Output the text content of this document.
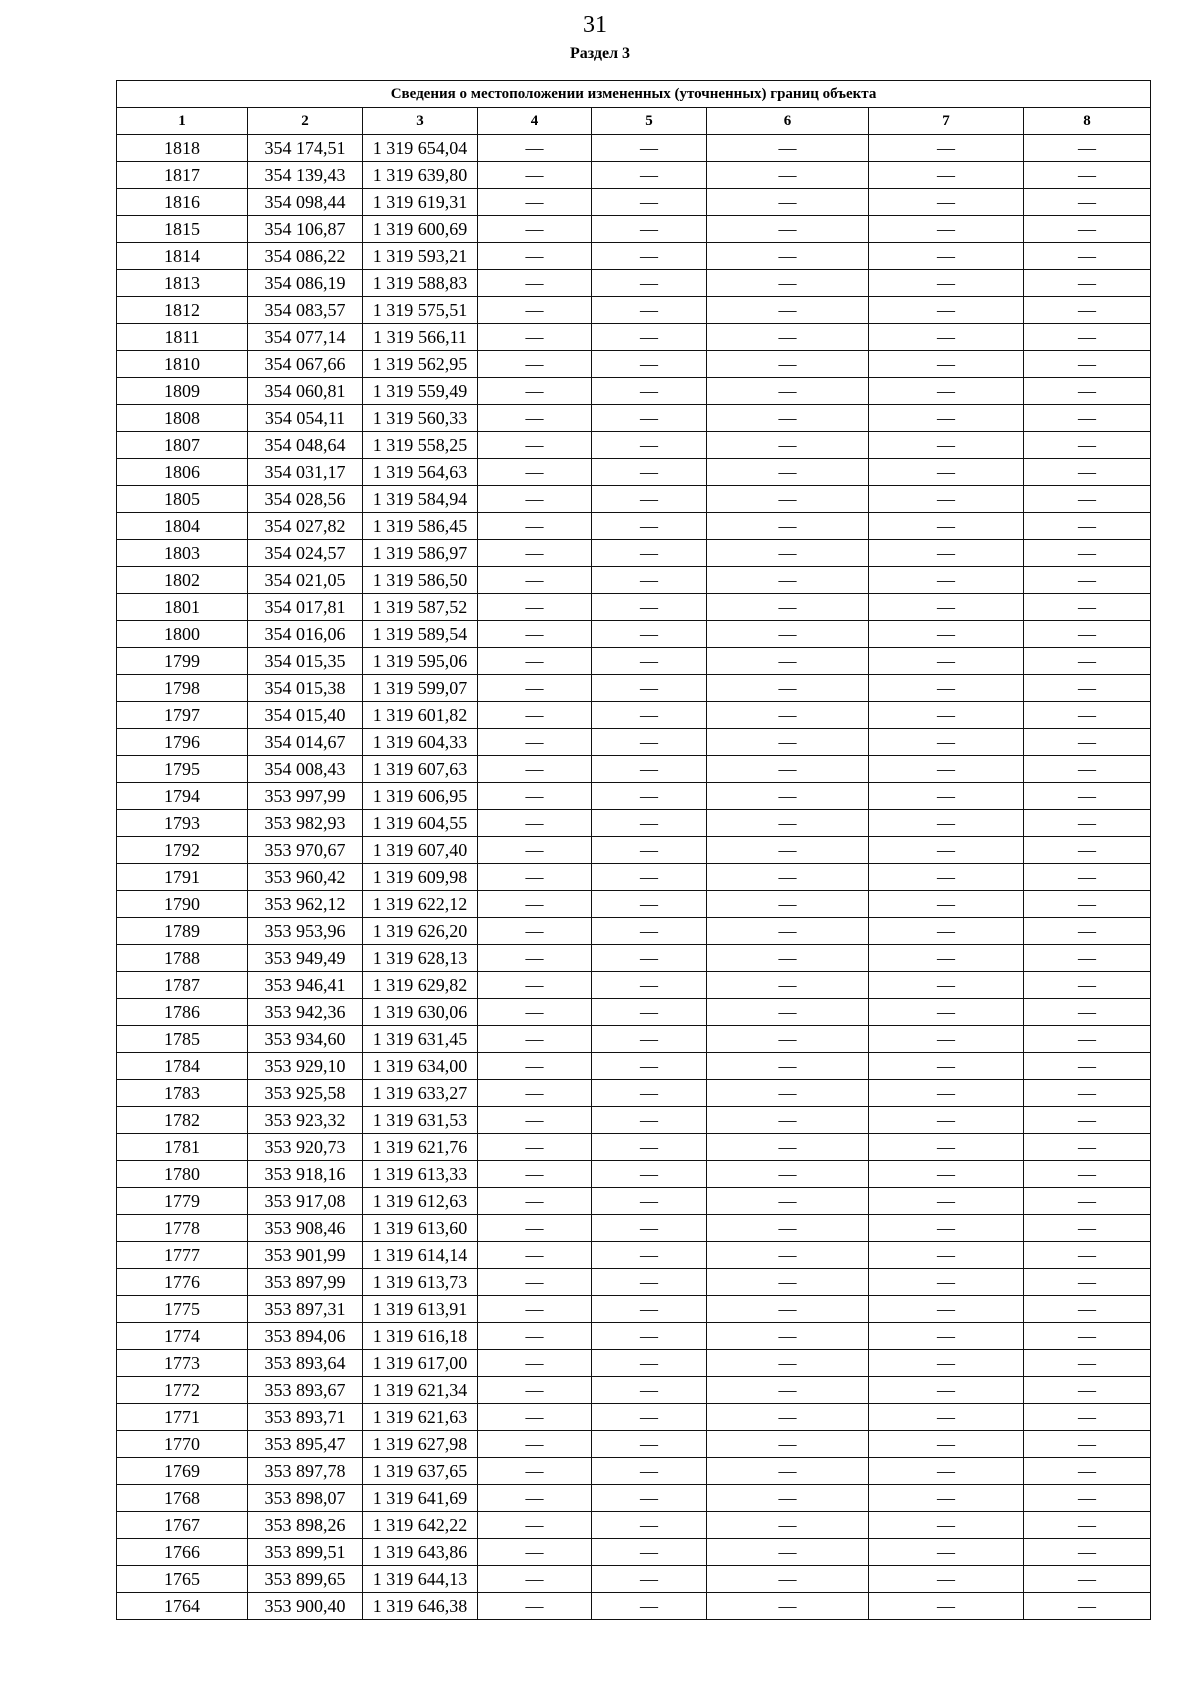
31
Раздел 3
Сведения о местоположении измененных (уточненных) границ объекта							
1	2	3	4	5	6	7	8
1818	354 174,51	1 319 654,04	—	—	—	—	—
1817	354 139,43	1 319 639,80	—	—	—	—	—
1816	354 098,44	1 319 619,31	—	—	—	—	—
1815	354 106,87	1 319 600,69	—	—	—	—	—
1814	354 086,22	1 319 593,21	—	—	—	—	—
1813	354 086,19	1 319 588,83	—	—	—	—	—
1812	354 083,57	1 319 575,51	—	—	—	—	—
1811	354 077,14	1 319 566,11	—	—	—	—	—
1810	354 067,66	1 319 562,95	—	—	—	—	—
1809	354 060,81	1 319 559,49	—	—	—	—	—
1808	354 054,11	1 319 560,33	—	—	—	—	—
1807	354 048,64	1 319 558,25	—	—	—	—	—
1806	354 031,17	1 319 564,63	—	—	—	—	—
1805	354 028,56	1 319 584,94	—	—	—	—	—
1804	354 027,82	1 319 586,45	—	—	—	—	—
1803	354 024,57	1 319 586,97	—	—	—	—	—
1802	354 021,05	1 319 586,50	—	—	—	—	—
1801	354 017,81	1 319 587,52	—	—	—	—	—
1800	354 016,06	1 319 589,54	—	—	—	—	—
1799	354 015,35	1 319 595,06	—	—	—	—	—
1798	354 015,38	1 319 599,07	—	—	—	—	—
1797	354 015,40	1 319 601,82	—	—	—	—	—
1796	354 014,67	1 319 604,33	—	—	—	—	—
1795	354 008,43	1 319 607,63	—	—	—	—	—
1794	353 997,99	1 319 606,95	—	—	—	—	—
1793	353 982,93	1 319 604,55	—	—	—	—	—
1792	353 970,67	1 319 607,40	—	—	—	—	—
1791	353 960,42	1 319 609,98	—	—	—	—	—
1790	353 962,12	1 319 622,12	—	—	—	—	—
1789	353 953,96	1 319 626,20	—	—	—	—	—
1788	353 949,49	1 319 628,13	—	—	—	—	—
1787	353 946,41	1 319 629,82	—	—	—	—	—
1786	353 942,36	1 319 630,06	—	—	—	—	—
1785	353 934,60	1 319 631,45	—	—	—	—	—
1784	353 929,10	1 319 634,00	—	—	—	—	—
1783	353 925,58	1 319 633,27	—	—	—	—	—
1782	353 923,32	1 319 631,53	—	—	—	—	—
1781	353 920,73	1 319 621,76	—	—	—	—	—
1780	353 918,16	1 319 613,33	—	—	—	—	—
1779	353 917,08	1 319 612,63	—	—	—	—	—
1778	353 908,46	1 319 613,60	—	—	—	—	—
1777	353 901,99	1 319 614,14	—	—	—	—	—
1776	353 897,99	1 319 613,73	—	—	—	—	—
1775	353 897,31	1 319 613,91	—	—	—	—	—
1774	353 894,06	1 319 616,18	—	—	—	—	—
1773	353 893,64	1 319 617,00	—	—	—	—	—
1772	353 893,67	1 319 621,34	—	—	—	—	—
1771	353 893,71	1 319 621,63	—	—	—	—	—
1770	353 895,47	1 319 627,98	—	—	—	—	—
1769	353 897,78	1 319 637,65	—	—	—	—	—
1768	353 898,07	1 319 641,69	—	—	—	—	—
1767	353 898,26	1 319 642,22	—	—	—	—	—
1766	353 899,51	1 319 643,86	—	—	—	—	—
1765	353 899,65	1 319 644,13	—	—	—	—	—
1764	353 900,40	1 319 646,38	—	—	—	—	—
